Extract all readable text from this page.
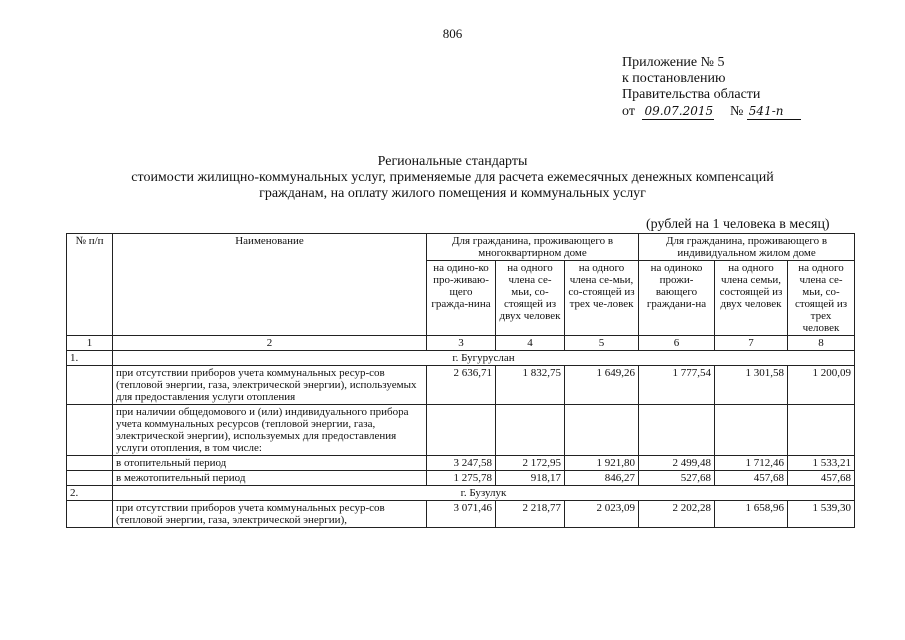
806
Приложение № 5
к постановлению
Правительства области
от 09.07.2015 № 541-п
Региональные стандарты
стоимости жилищно-коммунальных услуг, применяемые для расчета ежемесячных денежных компенсаций
гражданам, на оплату жилого помещения и коммунальных услуг
(рублей на 1 человека в месяц)
№ п/п	Наименование	Для гражданина, проживающего в многоквартирном доме			Для гражданина, проживающего в индивидуальном жилом доме		
		на одино-ко про-живаю-щего гражда-нина	на одного члена се-мьи, со-стоящей из двух человек	на одного члена се-мьи, со-стоящей из трех че-ловек	на одиноко прожи-вающего граждани-на	на одного члена семьи, состоящей из двух человек	на одного члена се-мьи, со-стоящей из трех человек
1	2	3	4	5	6	7	8
1.	г. Бугуруслан						
	при отсутствии приборов учета коммунальных ресур-сов (тепловой энергии, газа, электрической энергии), используемых для предоставления услуги отопления	2 636,71	1 832,75	1 649,26	1 777,54	1 301,58	1 200,09
	при наличии общедомового и (или) индивидуального прибора учета коммунальных ресурсов (тепловой энергии, газа, электрической энергии), используемых для предоставления услуги отопления, в том числе:						
	в отопительный период	3 247,58	2 172,95	1 921,80	2 499,48	1 712,46	1 533,21
	в межотопительный период	1 275,78	918,17	846,27	527,68	457,68	457,68
2.	г. Бузулук						
	при отсутствии приборов учета коммунальных ресур-сов (тепловой энергии, газа, электрической энергии),	3 071,46	2 218,77	2 023,09	2 202,28	1 658,96	1 539,30
